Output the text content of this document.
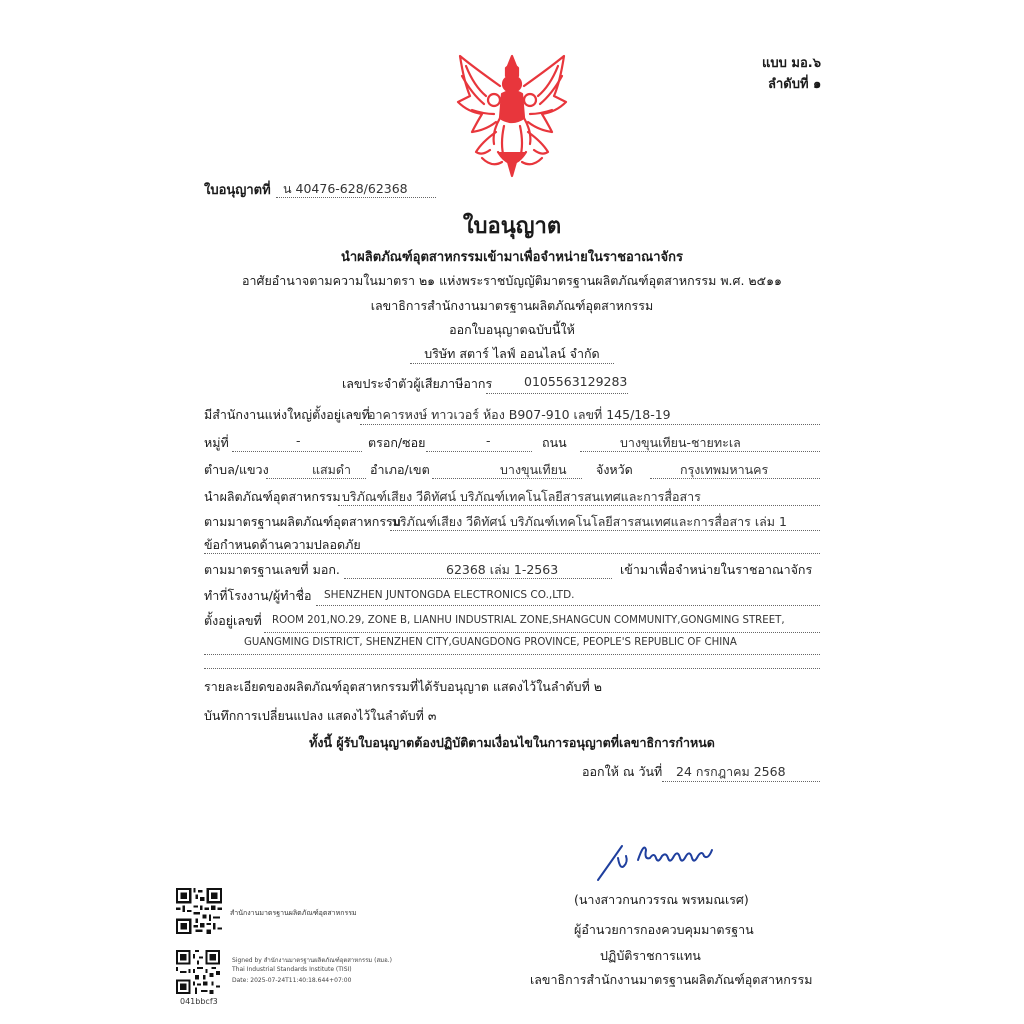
แบบ มอ.๖
ลำดับที่ ๑
ใบอนุญาตที่ น 40476-628/62368
ใบอนุญาต
นำผลิตภัณฑ์อุตสาหกรรมเข้ามาเพื่อจำหน่ายในราชอาณาจักร
อาศัยอำนาจตามความในมาตรา ๒๑ แห่งพระราชบัญญัติมาตรฐานผลิตภัณฑ์อุตสาหกรรม พ.ศ. ๒๕๑๑
เลขาธิการสำนักงานมาตรฐานผลิตภัณฑ์อุตสาหกรรม
ออกใบอนุญาตฉบับนี้ให้
บริษัท สตาร์ ไลฟ์ ออนไลน์ จำกัด
เลขประจำตัวผู้เสียภาษีอากร	0105563129283
มีสำนักงานแห่งใหญ่ตั้งอยู่เลขที่
อาคารหงษ์ ทาวเวอร์ ห้อง B907-910 เลขที่ 145/18-19
หมู่ที่	-	ตรอก/ซอย	-	ถนน	บางขุนเทียน-ชายทะเล
ตำบล/แขวง	แสมดำ อำเภอ/เขต	บางขุนเทียน จังหวัด	กรุงเทพมหานคร
นำผลิตภัณฑ์อุตสาหกรรม บริภัณฑ์เสียง วีดิทัศน์ บริภัณฑ์เทคโนโลยีสารสนเทศและการสื่อสาร
ตามมาตรฐานผลิตภัณฑ์อุตสาหกรรม
บริภัณฑ์เสียง วีดิทัศน์ บริภัณฑ์เทคโนโลยีสารสนเทศและการสื่อสาร เล่ม 1
ข้อกำหนดด้านความปลอดภัย
ตามมาตรฐานเลขที่ มอก.	62368 เล่ม 1-2563	เข้ามาเพื่อจำหน่ายในราชอาณาจักร
ทำที่โรงงาน/ผู้ทำชื่อ SHENZHEN JUNTONGDA ELECTRONICS CO.,LTD.
ตั้งอยู่เลขที่ ROOM 201,NO.29, ZONE B, LIANHU INDUSTRIAL ZONE,SHANGCUN COMMUNITY,GONGMING STREET,
GUANGMING DISTRICT, SHENZHEN CITY,GUANGDONG PROVINCE, PEOPLE'S REPUBLIC OF CHINA
รายละเอียดของผลิตภัณฑ์อุตสาหกรรมที่ได้รับอนุญาต แสดงไว้ในลำดับที่ ๒
บันทึกการเปลี่ยนแปลง แสดงไว้ในลำดับที่ ๓
ทั้งนี้ ผู้รับใบอนุญาตต้องปฏิบัติตามเงื่อนไขในการอนุญาตที่เลขาธิการกำหนด
ออกให้ ณ วันที่ 24 กรกฎาคม 2568
(นางสาวกนกวรรณ พรหมณเรศ)
ผู้อำนวยการกองควบคุมมาตรฐาน
ปฏิบัติราชการแทน
เลขาธิการสำนักงานมาตรฐานผลิตภัณฑ์อุตสาหกรรม
สำนักงานมาตรฐานผลิตภัณฑ์อุตสาหกรรม
Signed by สำนักงานมาตรฐานผลิตภัณฑ์อุตสาหกรรม (สมอ.)
Thai Industrial Standards Institute (TISI)
Date: 2025-07-24T11:40:18.644+07:00
041bbcf3
